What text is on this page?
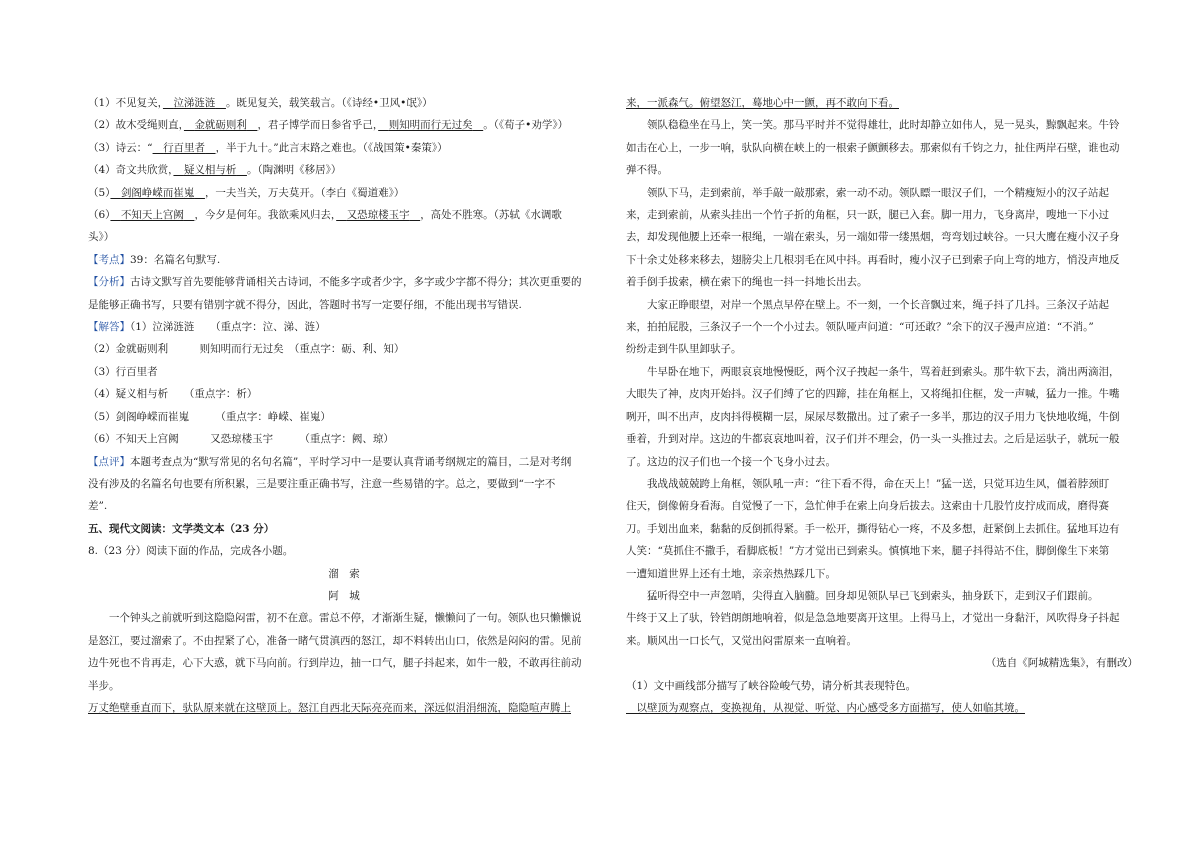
（1）不见复关，　 泣涕涟涟　 。既见复关，载笑载言。（《诗经•卫风•氓》）
（2）故木受绳则直，　 金就砺则利　 ，君子博学而日参省乎己，　 则知明而行无过矣　 。（《荀子•劝学》）
（3）诗云：“　 行百里者　 ，半于九十。”此言末路之难也。（《战国策•秦策》）
（4）奇文共欣赏，　 疑义相与析　 。（陶渊明《移居》）
（5）　 剑阁峥嵘而崔嵬　 ，一夫当关，万夫莫开。（李白《蜀道难》）
（6）　 不知天上宫阙　 ，今夕是何年。我欲乘风归去，　 又恐琼楼玉宇　 ，高处不胜寒。（苏轼《水调歌
头》）
【考点】39：名篇名句默写.
【分析】古诗文默写首先要能够背诵相关古诗词，不能多字或者少字，多字或少字都不得分；其次更重要的
是能够正确书写，只要有错别字就不得分，因此，答题时书写一定要仔细，不能出现书写错误.
【解答】（1）泣涕涟涟　　（重点字：泣、涕、涟）
（2）金就砺则利　　　则知明而行无过矣　（重点字：砺、利、知）
（3）行百里者
（4）疑义相与析　　（重点字：析）
（5）剑阁峥嵘而崔嵬　　　（重点字：峥嵘、崔嵬）
（6）不知天上宫阙　　　又恐琼楼玉宇　　　（重点字：阙、琼）
【点评】本题考查点为“默写常见的名句名篇”，平时学习中一是要认真背诵考纲规定的篇目，二是对考纲
没有涉及的名篇名句也要有所积累，三是要注重正确书写，注意一些易错的字。总之，要做到“一字不
差”.
五、现代文阅读：文学类文本（23 分）
8.（23 分）阅读下面的作品，完成各小题。
溜　索
阿　城
一个钟头之前就听到这隐隐闷雷，初不在意。雷总不停，才渐渐生疑，懒懒问了一句。领队也只懒懒说
是怒江，要过溜索了。不由捏紧了心，准备一睹气贯滇西的怒江，却不料转出山口，依然是闷闷的雷。见前
边牛死也不肯再走，心下大惑，就下马向前。行到岸边，抽一口气，腿子抖起来，如牛一般，不敢再往前动
半步。
万丈绝壁垂直而下，驮队原来就在这壁顶上。怒江自西北天际亮亮而来，深远似涓涓细流，隐隐喧声腾上
来，一派森气。俯望怒江，蓦地心中一颤，再不敢向下看。
领队稳稳坐在马上，笑一笑。那马平时并不觉得雄壮，此时却静立如伟人，晃一晃头，黥飘起来。牛铃
如击在心上，一步一响，驮队向横在峡上的一根索子颤颤移去。那索似有千钧之力，扯住两岸石壁，谁也动
弹不得。
领队下马，走到索前，举手敲一敲那索，索一动不动。领队瞟一眼汉子们，一个精瘦短小的汉子站起
来，走到索前，从索头挂出一个竹子折的角框，只一跃，腿已入套。脚一用力，飞身离岸，嗖地一下小过
去，却发现他腰上还牵一根绳，一端在索头，另一端如带一缕黑烟，弯弯划过峡谷。一只大鹰在瘦小汉子身
下十余丈处移来移去，翅膀尖上几根羽毛在风中抖。再看时，瘦小汉子已到索子向上弯的地方，悄没声地反
着手倒手拔索，横在索下的绳也一抖一抖地长出去。
大家正睁眼望，对岸一个黑点早停在壁上。不一刻，一个长音飘过来，绳子抖了几抖。三条汉子站起
来，拍拍屁股，三条汉子一个一个小过去。领队哑声问道：“可还敢？”余下的汉子漫声应道：“不消。”
纷纷走到牛队里卸驮子。
牛早卧在地下，两眼哀哀地慢慢眨，两个汉子拽起一条牛，骂着赶到索头。那牛软下去，淌出两滴泪，
大眼失了神，皮肉开始抖。汉子们缚了它的四蹄，挂在角框上，又将绳扣住框，发一声喊，猛力一推。牛嘴
咧开，叫不出声，皮肉抖得模糊一层，屎尿尽数撒出。过了索子一多半，那边的汉子用力飞快地收绳，牛倒
垂着，升到对岸。这边的牛都哀哀地叫着，汉子们并不理会，仍一头一头推过去。之后是运驮子，就玩一般
了。这边的汉子们也一个接一个飞身小过去。
我战战兢兢跨上角框，领队吼一声：“往下看不得，命在天上！”猛一送，只觉耳边生风，僵着脖颈盯
住天，倒像俯身看海。自觉慢了一下，急忙伸手在索上向身后拔去。这索由十几股竹皮拧成而成，磨得赛
刀。手划出血来，黏黏的反倒抓得紧。手一松开，撕得钻心一疼，不及多想，赶紧倒上去抓住。猛地耳边有
人笑：“莫抓住不撒手，看脚底板！”方才觉出已到索头。慎慎地下来，腿子抖得站不住，脚倒像生下来第
一遭知道世界上还有土地，亲亲热热踩几下。
猛听得空中一声忽哨，尖得直入脑髓。回身却见领队早已飞到索头，抽身跃下，走到汉子们跟前。
牛终于又上了驮，铃铛朗朗地响着，似是急急地要离开这里。上得马上，才觉出一身黏汗，风吹得身子抖起
来。顺风出一口长气，又觉出闷雷原来一直响着。
（选自《阿城精选集》，有删改）
（1）文中画线部分描写了峡谷险峻气势，请分析其表现特色。
　以壁顶为观察点，变换视角，从视觉、听觉、内心感受多方面描写，使人如临其境。
